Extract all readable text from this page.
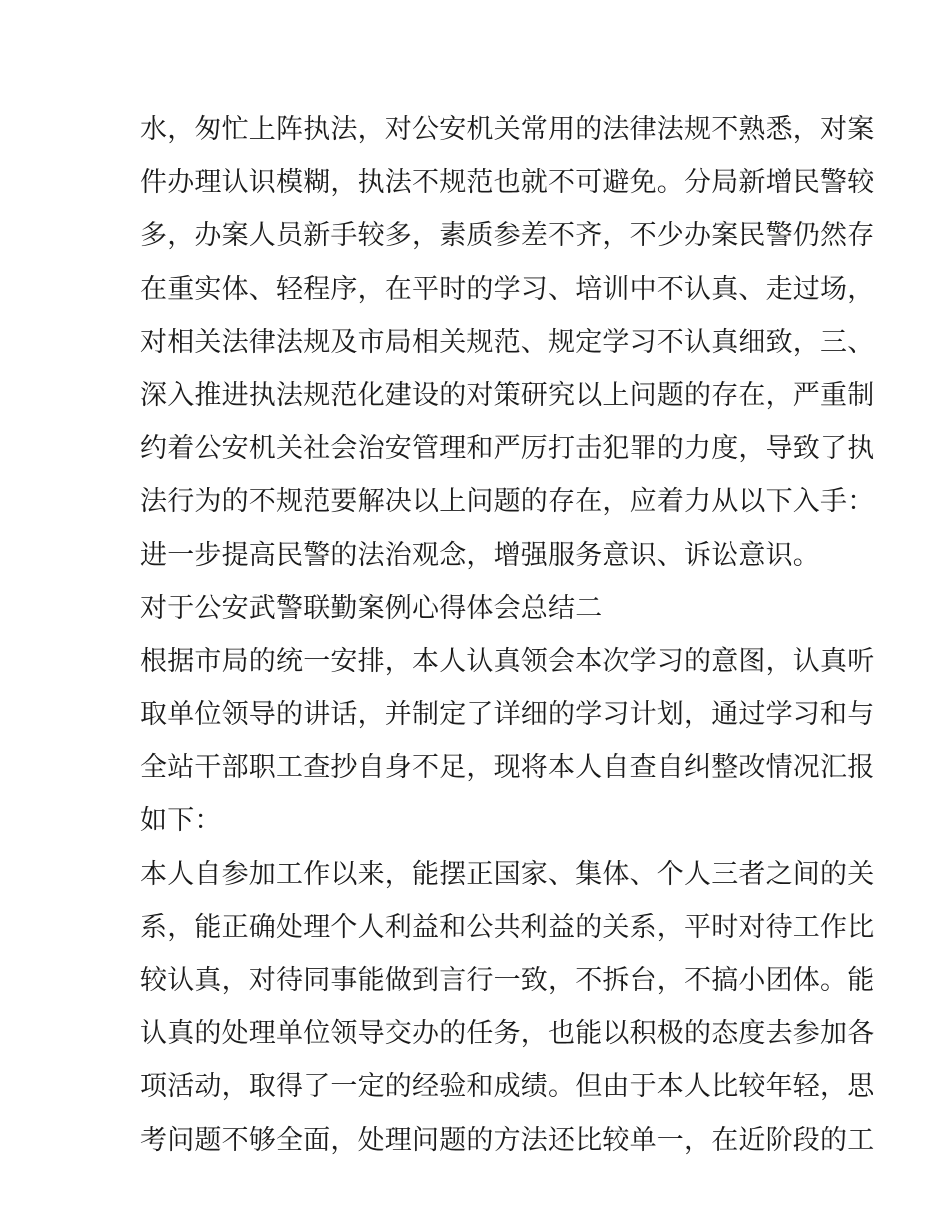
水，匆忙上阵执法，对公安机关常用的法律法规不熟悉，对案
件办理认识模糊，执法不规范也就不可避免。分局新增民警较
多，办案人员新手较多，素质参差不齐，不少办案民警仍然存
在重实体、轻程序，在平时的学习、培训中不认真、走过场，
对相关法律法规及市局相关规范、规定学习不认真细致，三、
深入推进执法规范化建设的对策研究以上问题的存在，严重制
约着公安机关社会治安管理和严厉打击犯罪的力度，导致了执
法行为的不规范要解决以上问题的存在，应着力从以下入手：
进一步提高民警的法治观念，增强服务意识、诉讼意识。
对于公安武警联勤案例心得体会总结二
根据市局的统一安排，本人认真领会本次学习的意图，认真听
取单位领导的讲话，并制定了详细的学习计划，通过学习和与
全站干部职工查抄自身不足，现将本人自查自纠整改情况汇报
如下：
本人自参加工作以来，能摆正国家、集体、个人三者之间的关
系，能正确处理个人利益和公共利益的关系，平时对待工作比
较认真，对待同事能做到言行一致，不拆台，不搞小团体。能
认真的处理单位领导交办的任务，也能以积极的态度去参加各
项活动，取得了一定的经验和成绩。但由于本人比较年轻，思
考问题不够全面，处理问题的方法还比较单一，在近阶段的工
